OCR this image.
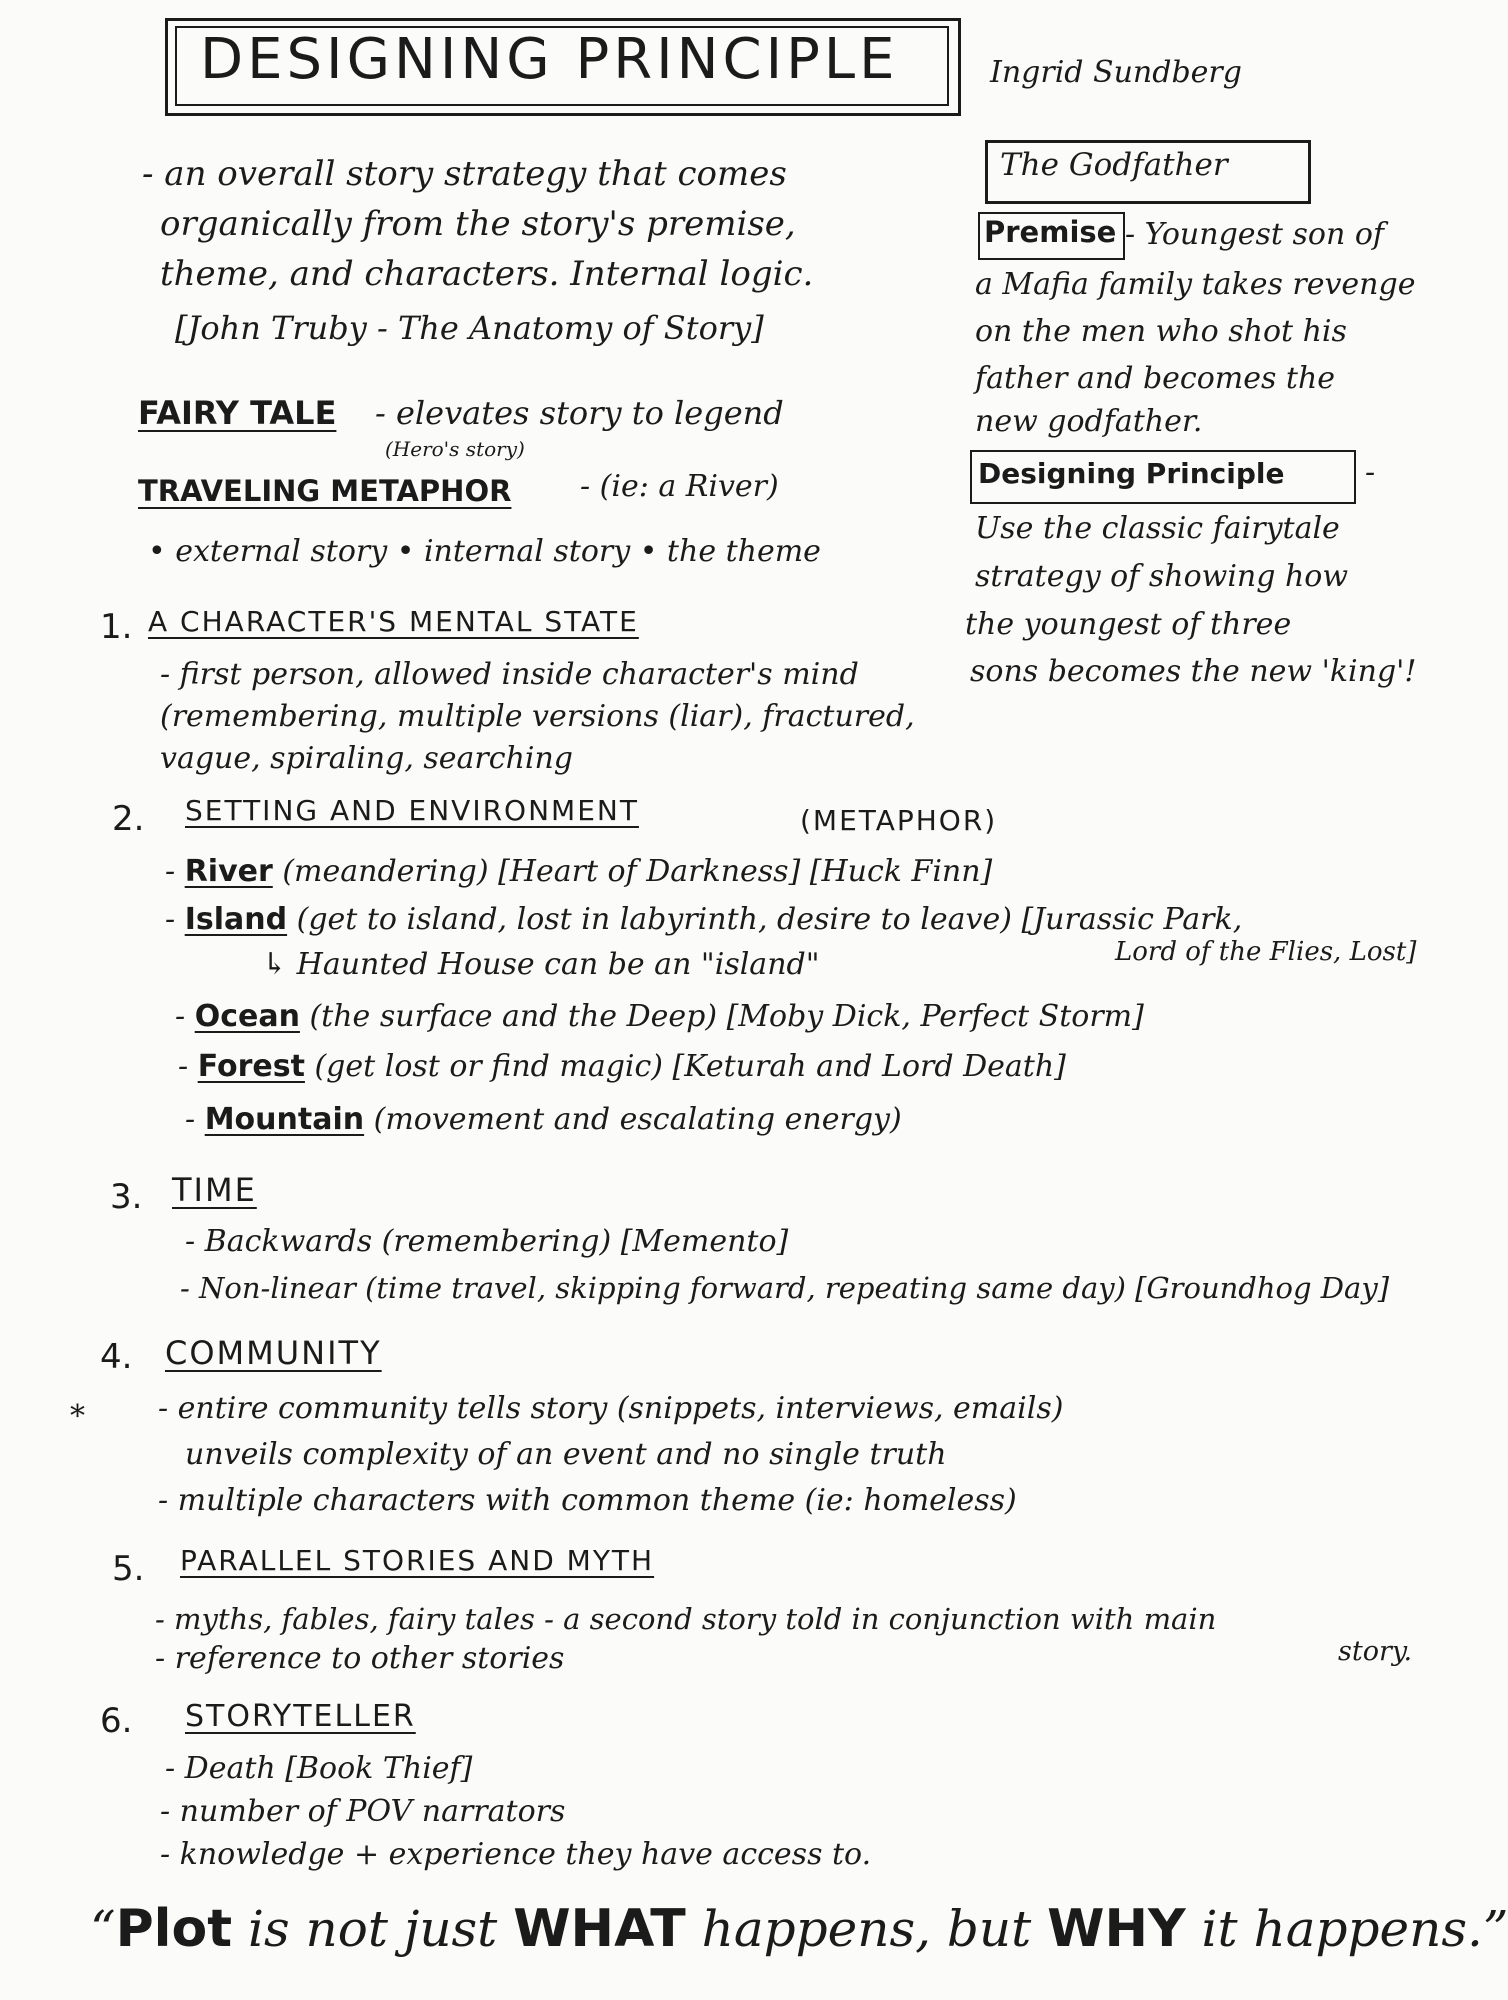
DESIGNING PRINCIPLE	Ingrid Sundberg
- an overall story strategy that comes
organically from the story's premise,
theme, and characters. Internal logic.
[John Truby - The Anatomy of Story]
FAIRY TALE - elevates story to legend
(Hero's story)
TRAVELING METAPHOR - (ie: a River)
• external story • internal story • the theme
1. A CHARACTER'S MENTAL STATE
- first person, allowed inside character's mind
(remembering, multiple versions (liar), fractured,
vague, spiraling, searching
2. SETTING AND ENVIRONMENT	(METAPHOR)
- River (meandering) [Heart of Darkness] [Huck Finn]
- Island (get to island, lost in labyrinth, desire to leave) [Jurassic Park,
Lord of the Flies, Lost]
↳ Haunted House can be an "island"
- Ocean (the surface and the Deep) [Moby Dick, Perfect Storm]
- Forest (get lost or find magic) [Keturah and Lord Death]
- Mountain (movement and escalating energy)
3. TIME
- Backwards (remembering) [Memento]
- Non-linear (time travel, skipping forward, repeating same day) [Groundhog Day]
4. COMMUNITY
* - entire community tells story (snippets, interviews, emails)
unveils complexity of an event and no single truth
- multiple characters with common theme (ie: homeless)
5. PARALLEL STORIES AND MYTH
- myths, fables, fairy tales - a second story told in conjunction with main
story.
- reference to other stories
6. STORYTELLER
- Death [Book Thief]
- number of POV narrators
- knowledge + experience they have access to.
The Godfather
Premise - Youngest son of
a Mafia family takes revenge
on the men who shot his
father and becomes the
new godfather.
Designing Principle	-
Use the classic fairytale
strategy of showing how
the youngest of three
sons becomes the new 'king'!
“Plot is not just WHAT happens, but WHY it happens.”
